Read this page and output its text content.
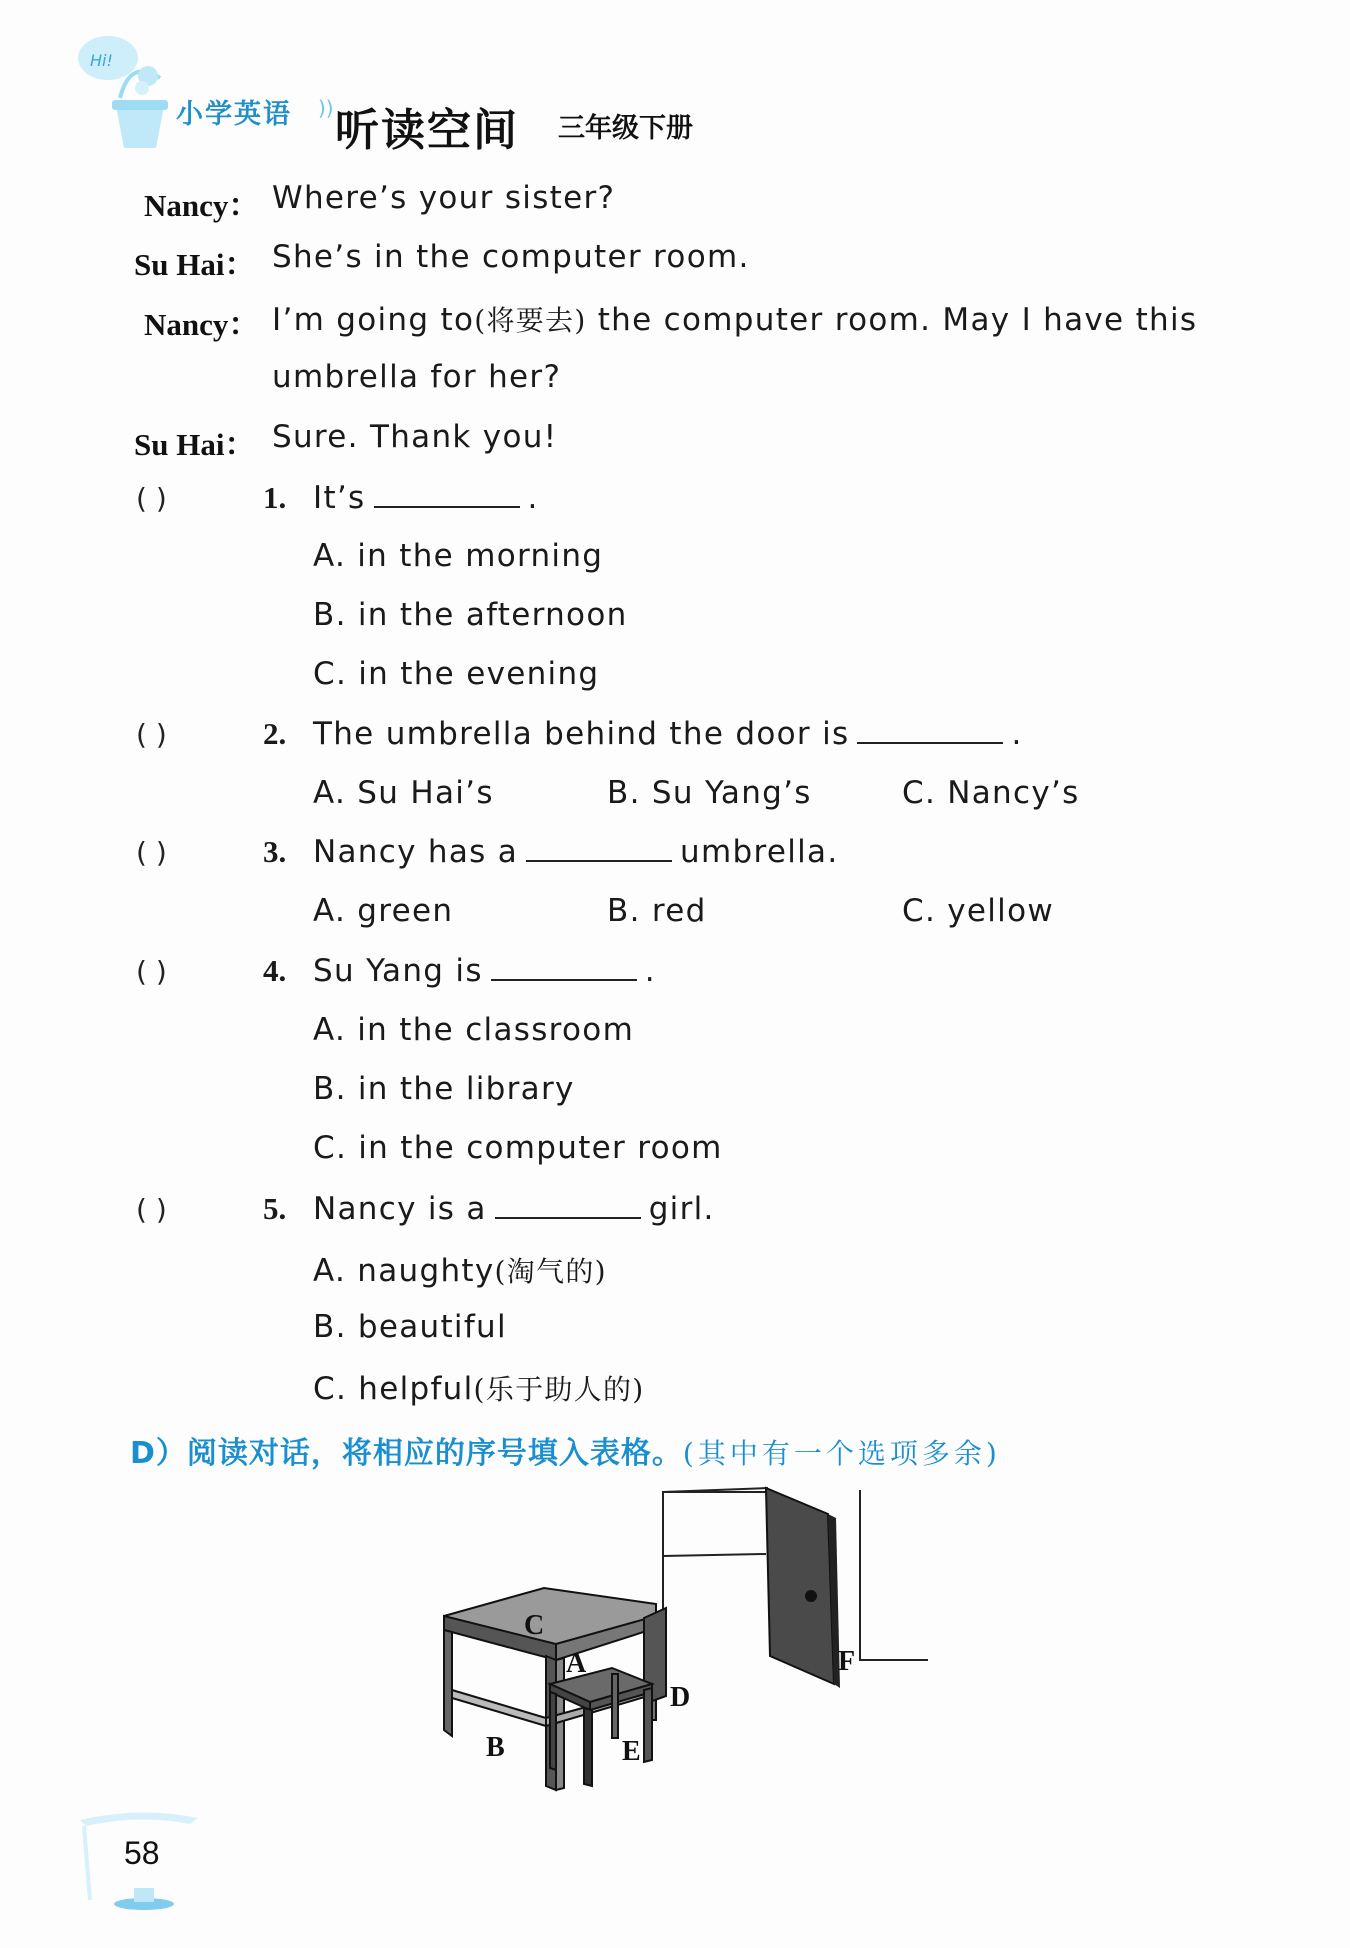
Hi!
小学英语 )) 听读空间 三年级下册
Nancy： Where’s your sister?
Su Hai： She’s in the computer room.
Nancy： I’m going to(将要去) the computer room. May I have this
umbrella for her?
Su Hai： Sure. Thank you!
( )	1. It’s	.
A. in the morning
B. in the afternoon
C. in the evening
( )	2. The umbrella behind the door is	.
A. Su Hai’s	B. Su Yang’s	C. Nancy’s
( )	3. Nancy has a	umbrella.
A. green	B. red	C. yellow
( )	4. Su Yang is	.
A. in the classroom
B. in the library
C. in the computer room
( )	5. Nancy is a	girl.
A. naughty(淘气的)
B. beautiful
C. helpful(乐于助人的)
D）阅读对话，将相应的序号填入表格。(其中有一个选项多余)
C
A
B
D
E
F
58
